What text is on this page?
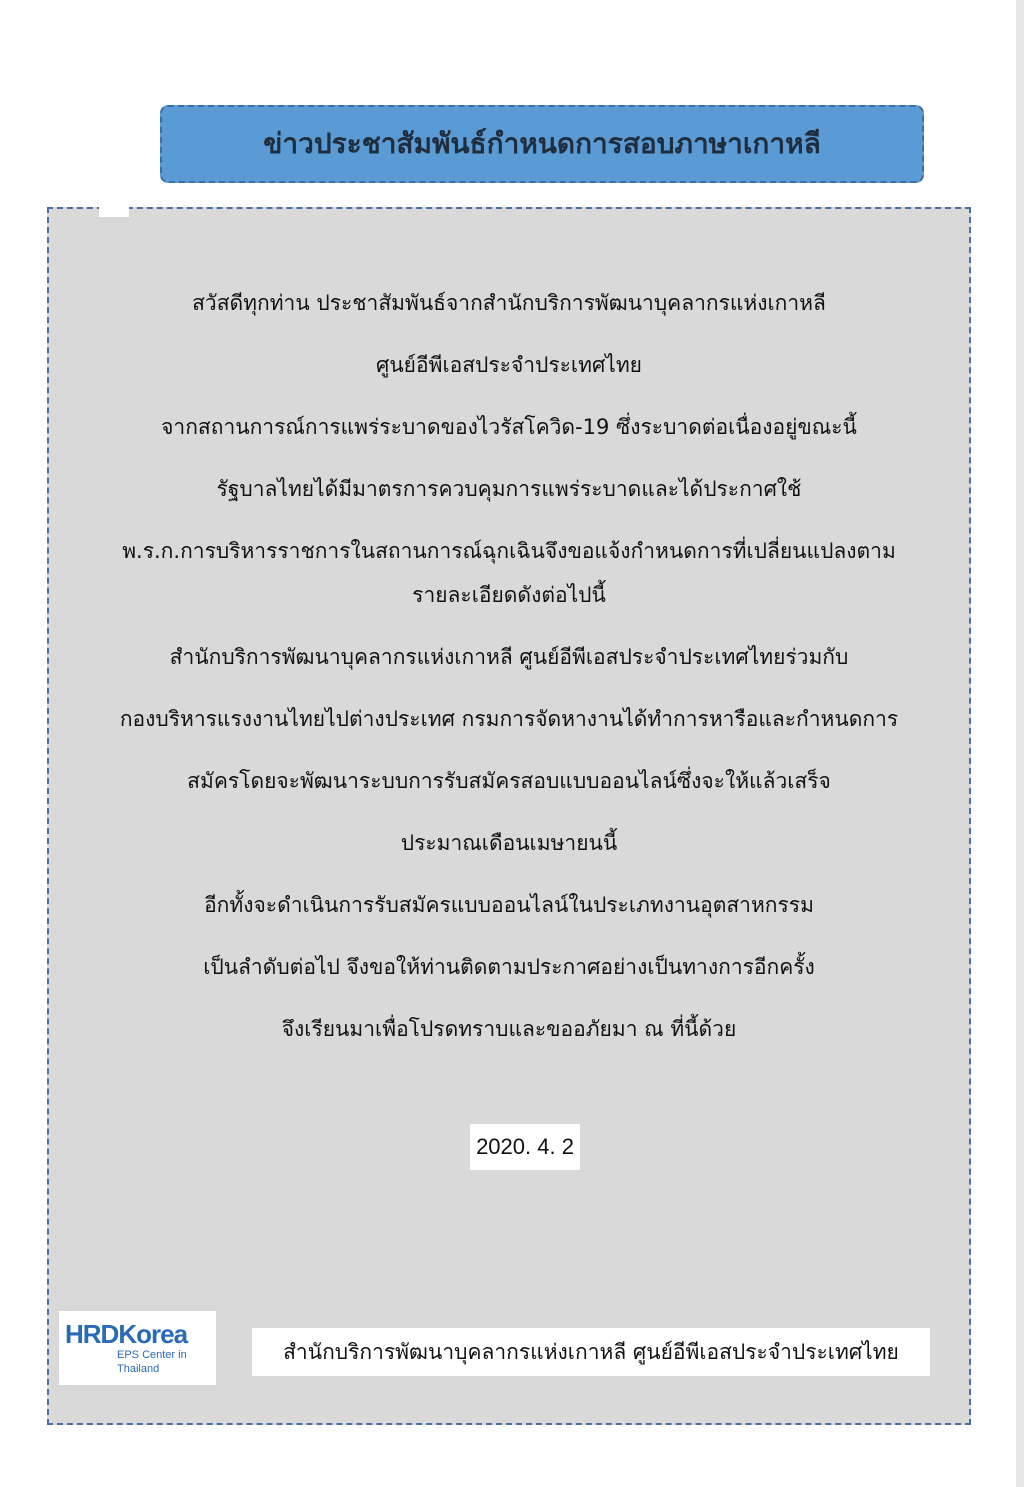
ข่าวประชาสัมพันธ์กำหนดการสอบภาษาเกาหลี

สวัสดีทุกท่าน ประชาสัมพันธ์จากสำนักบริการพัฒนาบุคลากรแห่งเกาหลี

ศูนย์อีพีเอสประจำประเทศไทย

จากสถานการณ์การแพร่ระบาดของไวรัสโควิด-19 ซึ่งระบาดต่อเนื่องอยู่ขณะนี้

รัฐบาลไทยได้มีมาตรการควบคุมการแพร่ระบาดและได้ประกาศใช้

พ.ร.ก.การบริหารราชการในสถานการณ์ฉุกเฉินจึงขอแจ้งกำหนดการที่เปลี่ยนแปลงตาม
รายละเอียดดังต่อไปนี้

สำนักบริการพัฒนาบุคลากรแห่งเกาหลี ศูนย์อีพีเอสประจำประเทศไทยร่วมกับ

กองบริหารแรงงานไทยไปต่างประเทศ กรมการจัดหางานได้ทำการหารือและกำหนดการ

สมัครโดยจะพัฒนาระบบการรับสมัครสอบแบบออนไลน์ซึ่งจะให้แล้วเสร็จ

ประมาณเดือนเมษายนนี้

อีกทั้งจะดำเนินการรับสมัครแบบออนไลน์ในประเภทงานอุตสาหกรรม

เป็นลำดับต่อไป จึงขอให้ท่านติดตามประกาศอย่างเป็นทางการอีกครั้ง

จึงเรียนมาเพื่อโปรดทราบและขออภัยมา ณ ที่นี้ด้วย

2020. 4. 2
HRDKorea
EPS Center in Thailand
สำนักบริการพัฒนาบุคลากรแห่งเกาหลี ศูนย์อีพีเอสประจำประเทศไทย
